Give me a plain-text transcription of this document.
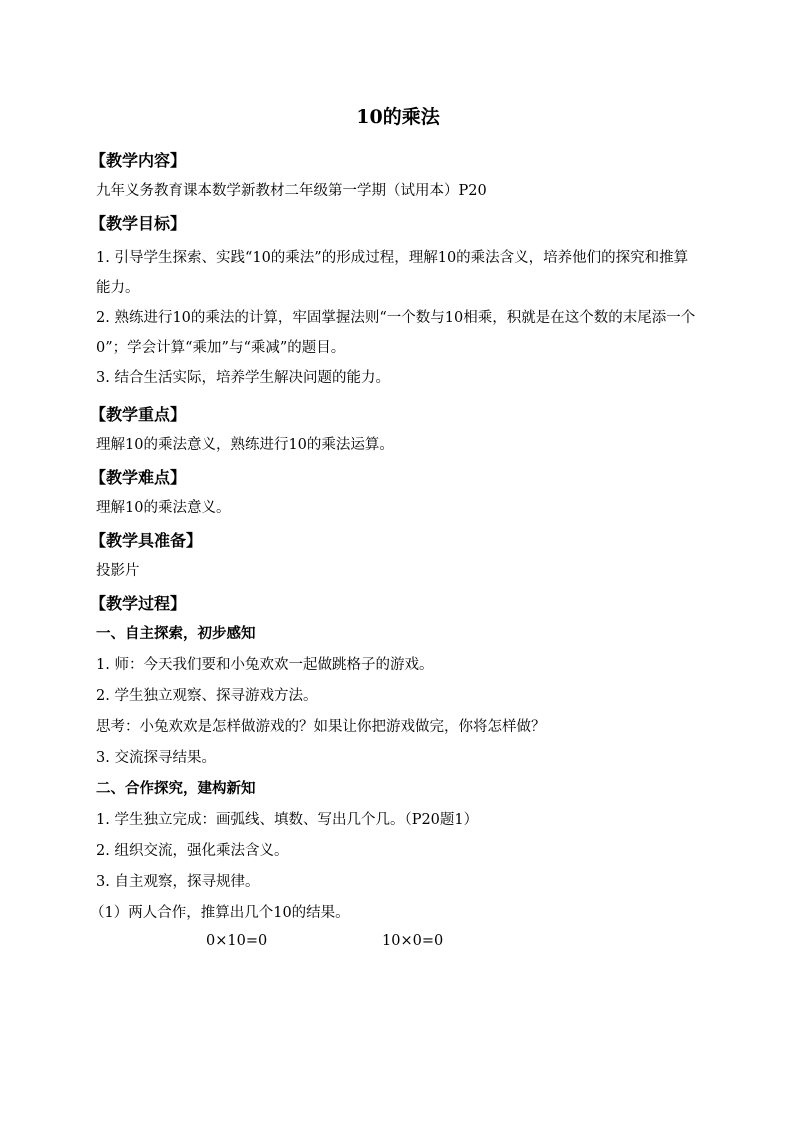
10的乘法
【教学内容】
九年义务教育课本数学新教材二年级第一学期（试用本）P20
【教学目标】
1. 引导学生探索、实践“10的乘法”的形成过程，理解10的乘法含义，培养他们的探究和推算能力。
2. 熟练进行10的乘法的计算，牢固掌握法则“一个数与10相乘，积就是在这个数的末尾添一个0”；学会计算“乘加”与“乘减”的题目。
3. 结合生活实际，培养学生解决问题的能力。
【教学重点】
理解10的乘法意义，熟练进行10的乘法运算。
【教学难点】
理解10的乘法意义。
【教学具准备】
投影片
【教学过程】
一、自主探索，初步感知
1. 师：今天我们要和小兔欢欢一起做跳格子的游戏。
2. 学生独立观察、探寻游戏方法。
思考：小兔欢欢是怎样做游戏的？如果让你把游戏做完，你将怎样做？
3. 交流探寻结果。
二、合作探究，建构新知
1. 学生独立完成：画弧线、填数、写出几个几。（P20题1）
2. 组织交流，强化乘法含义。
3. 自主观察，探寻规律。
（1）两人合作，推算出几个10的结果。
0×10=0	10×0=0
